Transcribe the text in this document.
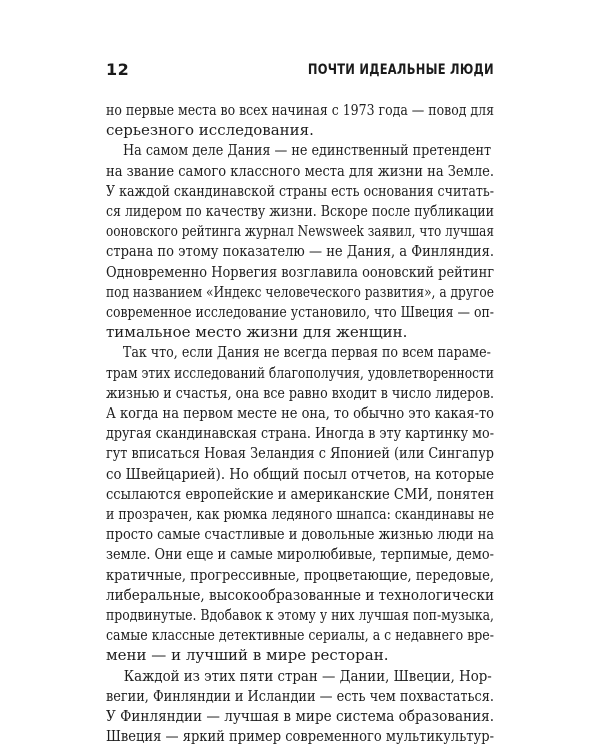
12	ПОЧТИ ИДЕАЛЬНЫЕ ЛЮДИ
но первые места во всех начиная с 1973 года — повод для
серьезного исследования.
На самом деле Дания — не единственный претендент
на звание самого классного места для жизни на Земле.
У каждой скандинавской страны есть основания считать-
ся лидером по качеству жизни. Вскоре после публикации
ооновского рейтинга журнал Newsweek заявил, что лучшая
страна по этому показателю — не Дания, а Финляндия.
Одновременно Норвегия возглавила ооновский рейтинг
под названием «Индекс человеческого развития», а другое
современное исследование установило, что Швеция — оп-
тимальное место жизни для женщин.
Так что, если Дания не всегда первая по всем парамe-
трам этих исследований благополучия, удовлетворенности
жизнью и счастья, она все равно входит в число лидеров.
А когда на первом месте не она, то обычно это какая-то
другая скандинавская страна. Иногда в эту картинку мо-
гут вписаться Новая Зеландия с Японией (или Сингапур
со Швейцарией). Но общий посыл отчетов, на которые
ссылаются европейские и американские СМИ, понятен
и прозрачен, как рюмка ледяного шнапса: скандинавы не
просто самые счастливые и довольные жизнью люди на
земле. Они еще и самые миролюбивые, терпимые, демо-
кратичные, прогрессивные, процветающие, передовые,
либеральные, высокообразованные и технологически
продвинутые. Вдобавок к этому у них лучшая поп-музыка,
самые классные детективные сериалы, а с недавнего вре-
мени — и лучший в мире ресторан.
Каждой из этих пяти стран — Дании, Швеции, Нор-
вегии, Финляндии и Исландии — есть чем похвастаться.
У Финляндии — лучшая в мире система образования.
Швеция — яркий пример современного мультикультур-
